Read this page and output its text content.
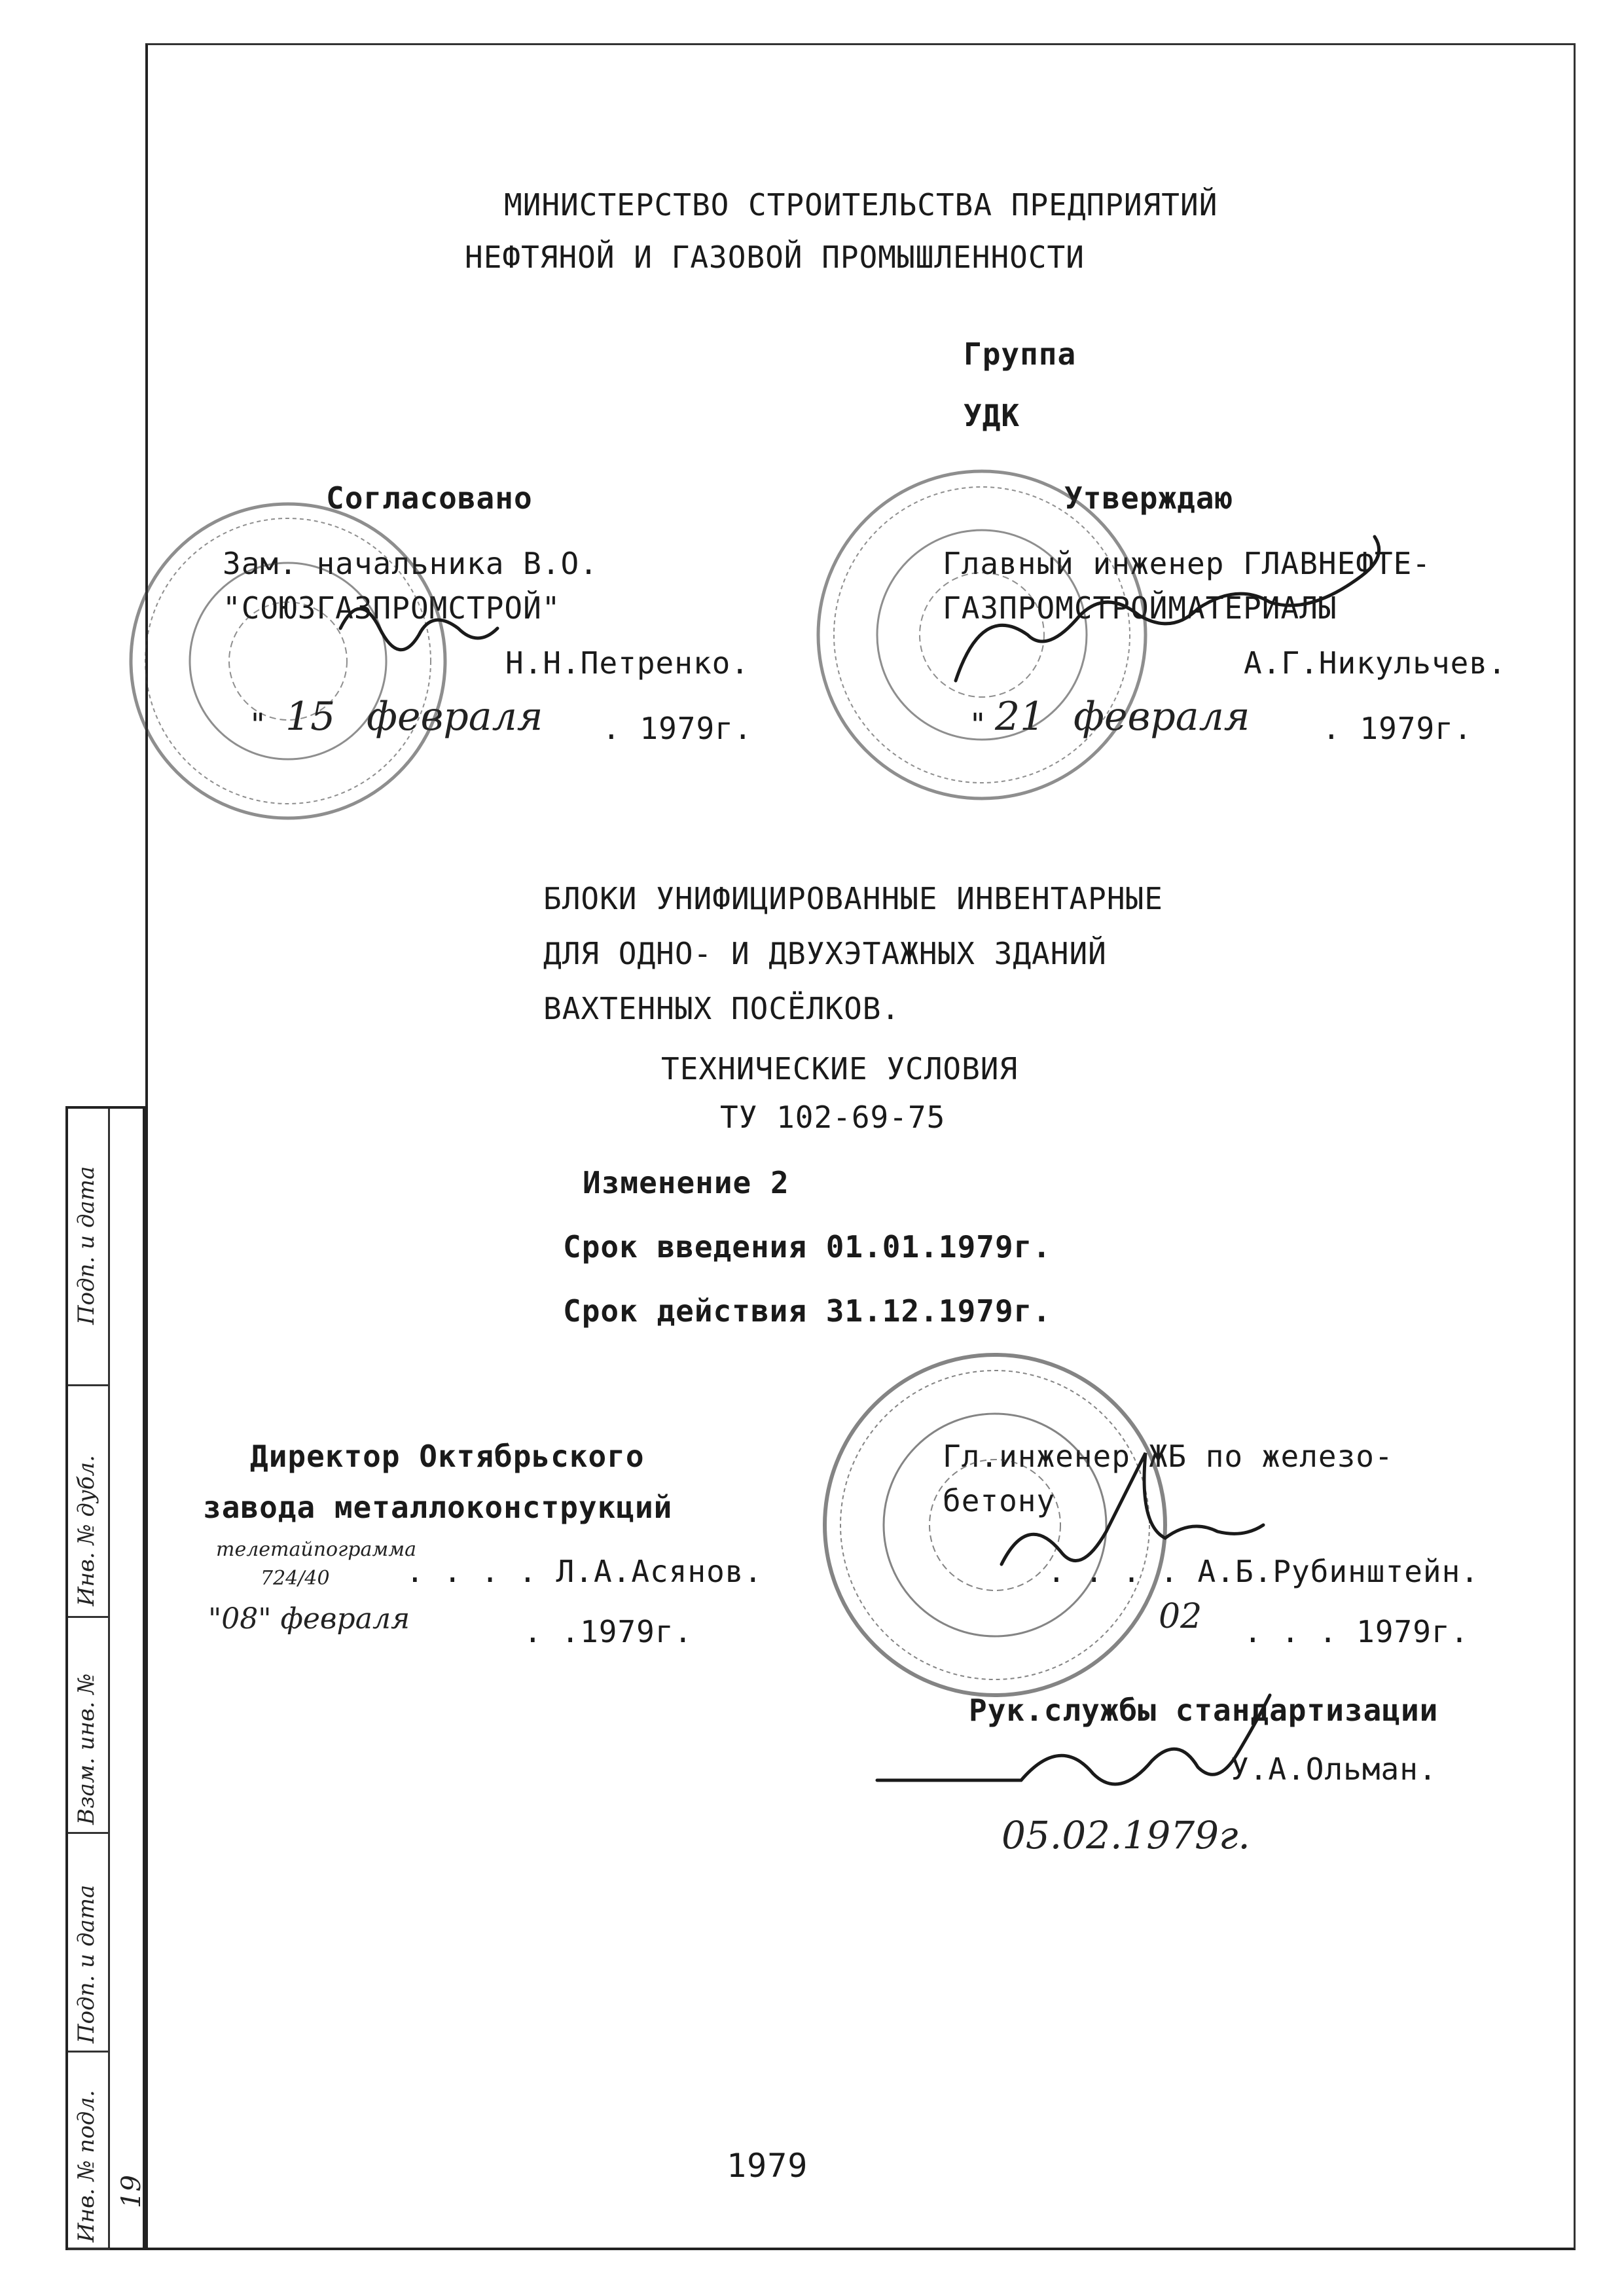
МИНИСТЕРСТВО СТРОИТЕЛЬСТВА ПРЕДПРИЯТИЙ
НЕФТЯНОЙ И ГАЗОВОЙ ПРОМЫШЛЕННОСТИ
Группа
УДК
Согласовано
Зам. начальника В.О.
"СОЮЗГАЗПРОМСТРОЙ"
Н.Н.Петренко.
" 15 февраля . 1979г.
Утверждаю
Главный инженер ГЛАВНЕФТЕ-
ГАЗПРОМСТРОЙМАТЕРИАЛЫ
А.Г.Никульчев.
" 21 февраля . 1979г.
БЛОКИ УНИФИЦИРОВАННЫЕ ИНВЕНТАРНЫЕ
ДЛЯ ОДНО- И ДВУХЭТАЖНЫХ ЗДАНИЙ
ВАХТЕННЫХ ПОСЁЛКОВ.
ТЕХНИЧЕСКИЕ УСЛОВИЯ
ТУ 102-69-75
Изменение 2
Срок введения 01.01.1979г.
Срок действия 31.12.1979г.
Директор Октябрьского
завода металлоконструкций
телетайпограмма
724/40	. . . . Л.А.Асянов.
"08" февраля	. .1979г.
Гл.инженер ЖБ по железо-
бетону
. . . . А.Б.Рубинштейн.
02 . . . 1979г.
Рук.службы стандартизации
У.А.Ольман.
05.02.1979г.
1979
Инв. № подл.
Подп. и дата
Взам. инв. №
Инв. № дубл.
Подп. и дата
19
